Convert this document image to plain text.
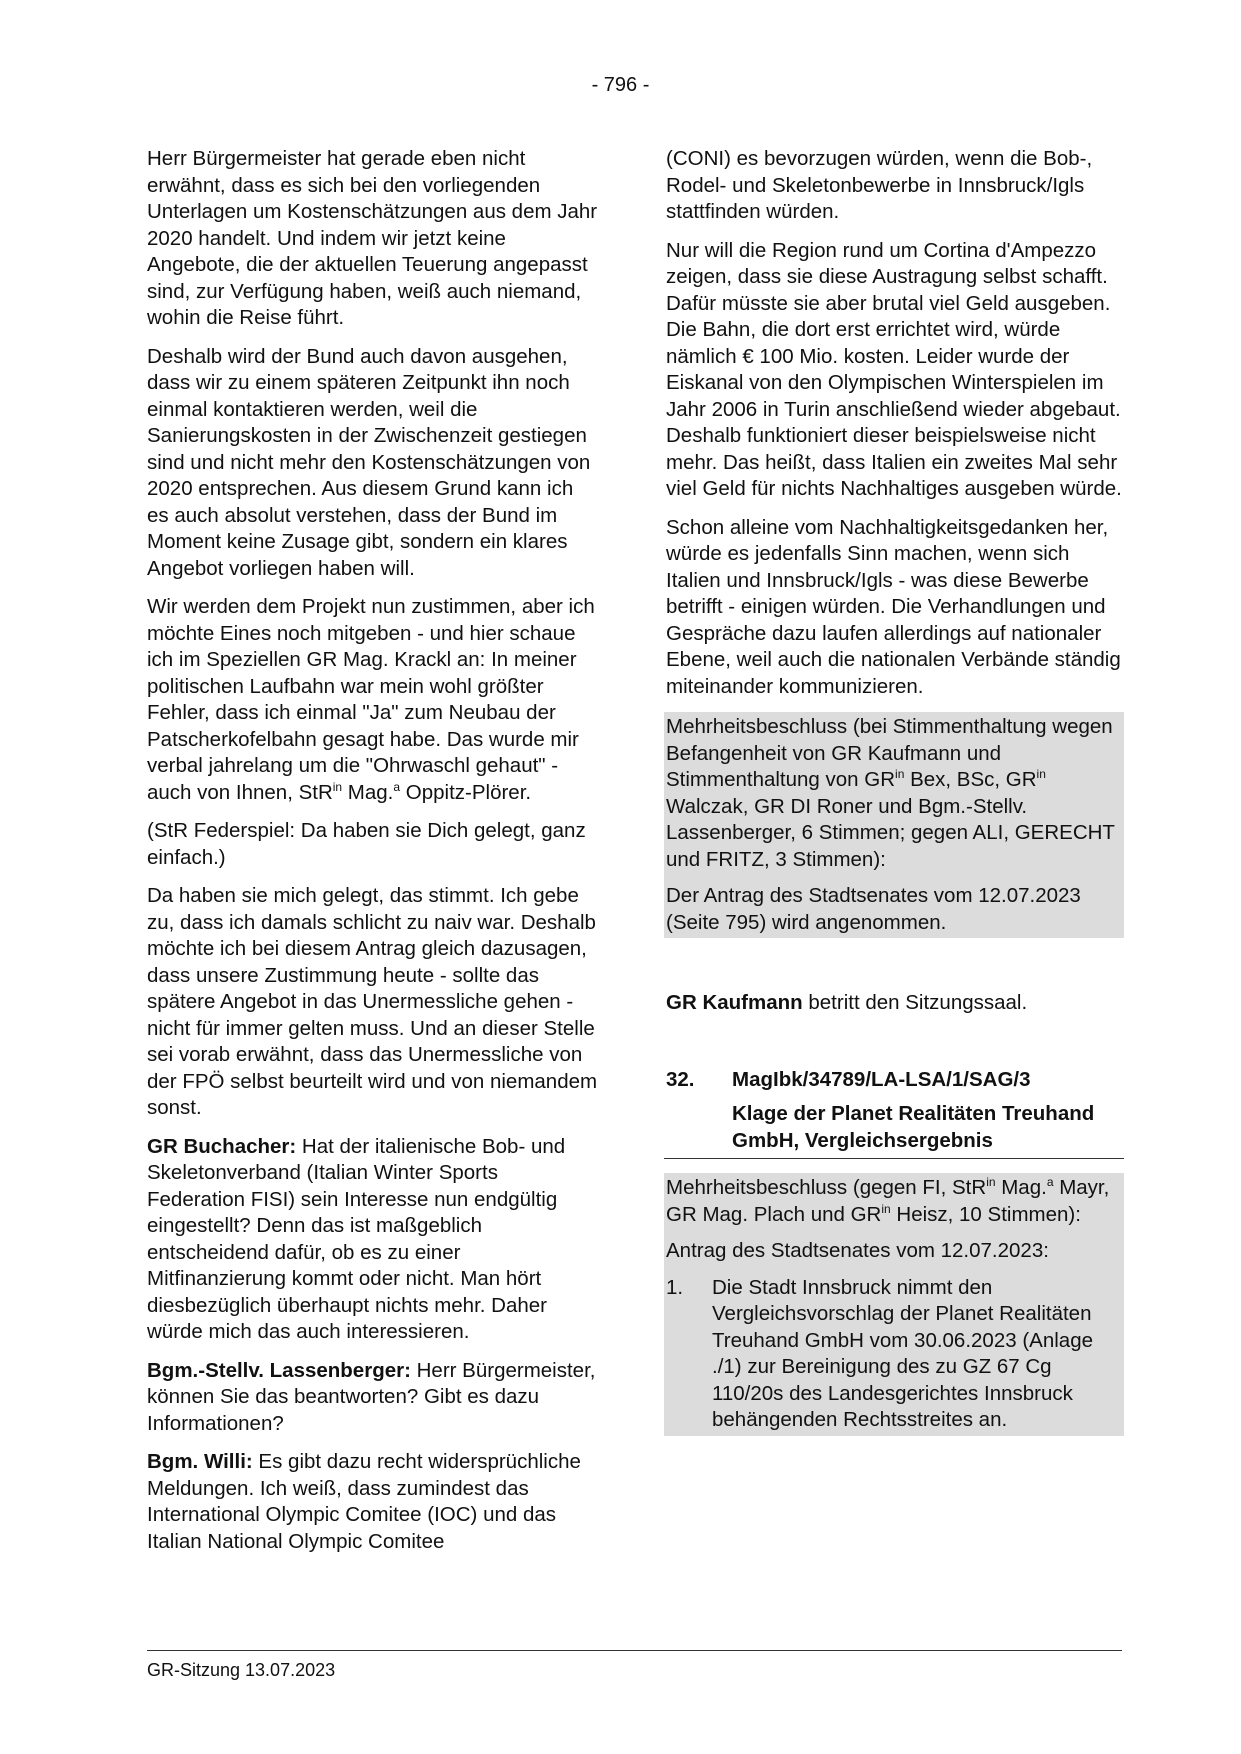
- 796 -

Herr Bürgermeister hat gerade eben nicht erwähnt, dass es sich bei den vorliegenden Unterlagen um Kostenschätzungen aus dem Jahr 2020 handelt. Und indem wir jetzt keine Angebote, die der aktuellen Teuerung angepasst sind, zur Verfügung haben, weiß auch niemand, wohin die Reise führt.

Deshalb wird der Bund auch davon ausgehen, dass wir zu einem späteren Zeitpunkt ihn noch einmal kontaktieren werden, weil die Sanierungskosten in der Zwischenzeit gestiegen sind und nicht mehr den Kostenschätzungen von 2020 entsprechen. Aus diesem Grund kann ich es auch absolut verstehen, dass der Bund im Moment keine Zusage gibt, sondern ein klares Angebot vorliegen haben will.

Wir werden dem Projekt nun zustimmen, aber ich möchte Eines noch mitgeben - und hier schaue ich im Speziellen GR Mag. Krackl an: In meiner politischen Laufbahn war mein wohl größter Fehler, dass ich einmal "Ja" zum Neubau der Patscherkofelbahn gesagt habe. Das wurde mir verbal jahrelang um die "Ohrwaschl gehaut" - auch von Ihnen, StR$^{in}$ Mag.$^a$ Oppitz-Plörer.

(StR Federspiel: Da haben sie Dich gelegt, ganz einfach.)

Da haben sie mich gelegt, das stimmt. Ich gebe zu, dass ich damals schlicht zu naiv war. Deshalb möchte ich bei diesem Antrag gleich dazusagen, dass unsere Zustimmung heute - sollte das spätere Angebot in das Unermessliche gehen - nicht für immer gelten muss. Und an dieser Stelle sei vorab erwähnt, dass das Unermessliche von der FPÖ selbst beurteilt wird und von niemandem sonst.

GR Buchacher: Hat der italienische Bob- und Skeletonverband (Italian Winter Sports Federation FISI) sein Interesse nun endgültig eingestellt? Denn das ist maßgeblich entscheidend dafür, ob es zu einer Mitfinanzierung kommt oder nicht. Man hört diesbezüglich überhaupt nichts mehr. Daher würde mich das auch interessieren.

Bgm.-Stellv. Lassenberger: Herr Bürgermeister, können Sie das beantworten? Gibt es dazu Informationen?

Bgm. Willi: Es gibt dazu recht widersprüchliche Meldungen. Ich weiß, dass zumindest das International Olympic Comitee (IOC) und das Italian National Olympic Comitee

(CONI) es bevorzugen würden, wenn die Bob-, Rodel- und Skeletonbewerbe in Innsbruck/Igls stattfinden würden.

Nur will die Region rund um Cortina d'Ampezzo zeigen, dass sie diese Austragung selbst schafft. Dafür müsste sie aber brutal viel Geld ausgeben. Die Bahn, die dort erst errichtet wird, würde nämlich € 100 Mio. kosten. Leider wurde der Eiskanal von den Olympischen Winterspielen im Jahr 2006 in Turin anschließend wieder abgebaut. Deshalb funktioniert dieser beispielsweise nicht mehr. Das heißt, dass Italien ein zweites Mal sehr viel Geld für nichts Nachhaltiges ausgeben würde.

Schon alleine vom Nachhaltigkeitsgedanken her, würde es jedenfalls Sinn machen, wenn sich Italien und Innsbruck/Igls - was diese Bewerbe betrifft - einigen würden. Die Verhandlungen und Gespräche dazu laufen allerdings auf nationaler Ebene, weil auch die nationalen Verbände ständig miteinander kommunizieren.

Mehrheitsbeschluss (bei Stimmenthaltung wegen Befangenheit von GR Kaufmann und Stimmenthaltung von $GR^{in}$ Bex, BSc, $GR^{in}$ Walczak, GR DI Roner und Bgm.-Stellv. Lassenberger, 6 Stimmen; gegen ALI, GERECHT und FRITZ, 3 Stimmen):

Der Antrag des Stadtsenates vom 12.07.2023 (Seite 795) wird angenommen.

GR Kaufmann betritt den Sitzungssaal.

32.	MagIbk/34789/LA-LSA/1/SAG/3
Klage der Planet Realitäten Treuhand GmbH, Vergleichsergebnis

Mehrheitsbeschluss (gegen FI, StR$^{in}$ Mag.$^a$ Mayr, GR Mag. Plach und $GR^{in}$ Heisz, 10 Stimmen):

Antrag des Stadtsenates vom 12.07.2023:

1.	Die Stadt Innsbruck nimmt den Vergleichsvorschlag der Planet Realitäten Treuhand GmbH vom 30.06.2023 (Anlage ./1) zur Bereinigung des zu GZ 67 Cg 110/20s des Landesgerichtes Innsbruck behängenden Rechtsstreites an.
GR-Sitzung 13.07.2023
